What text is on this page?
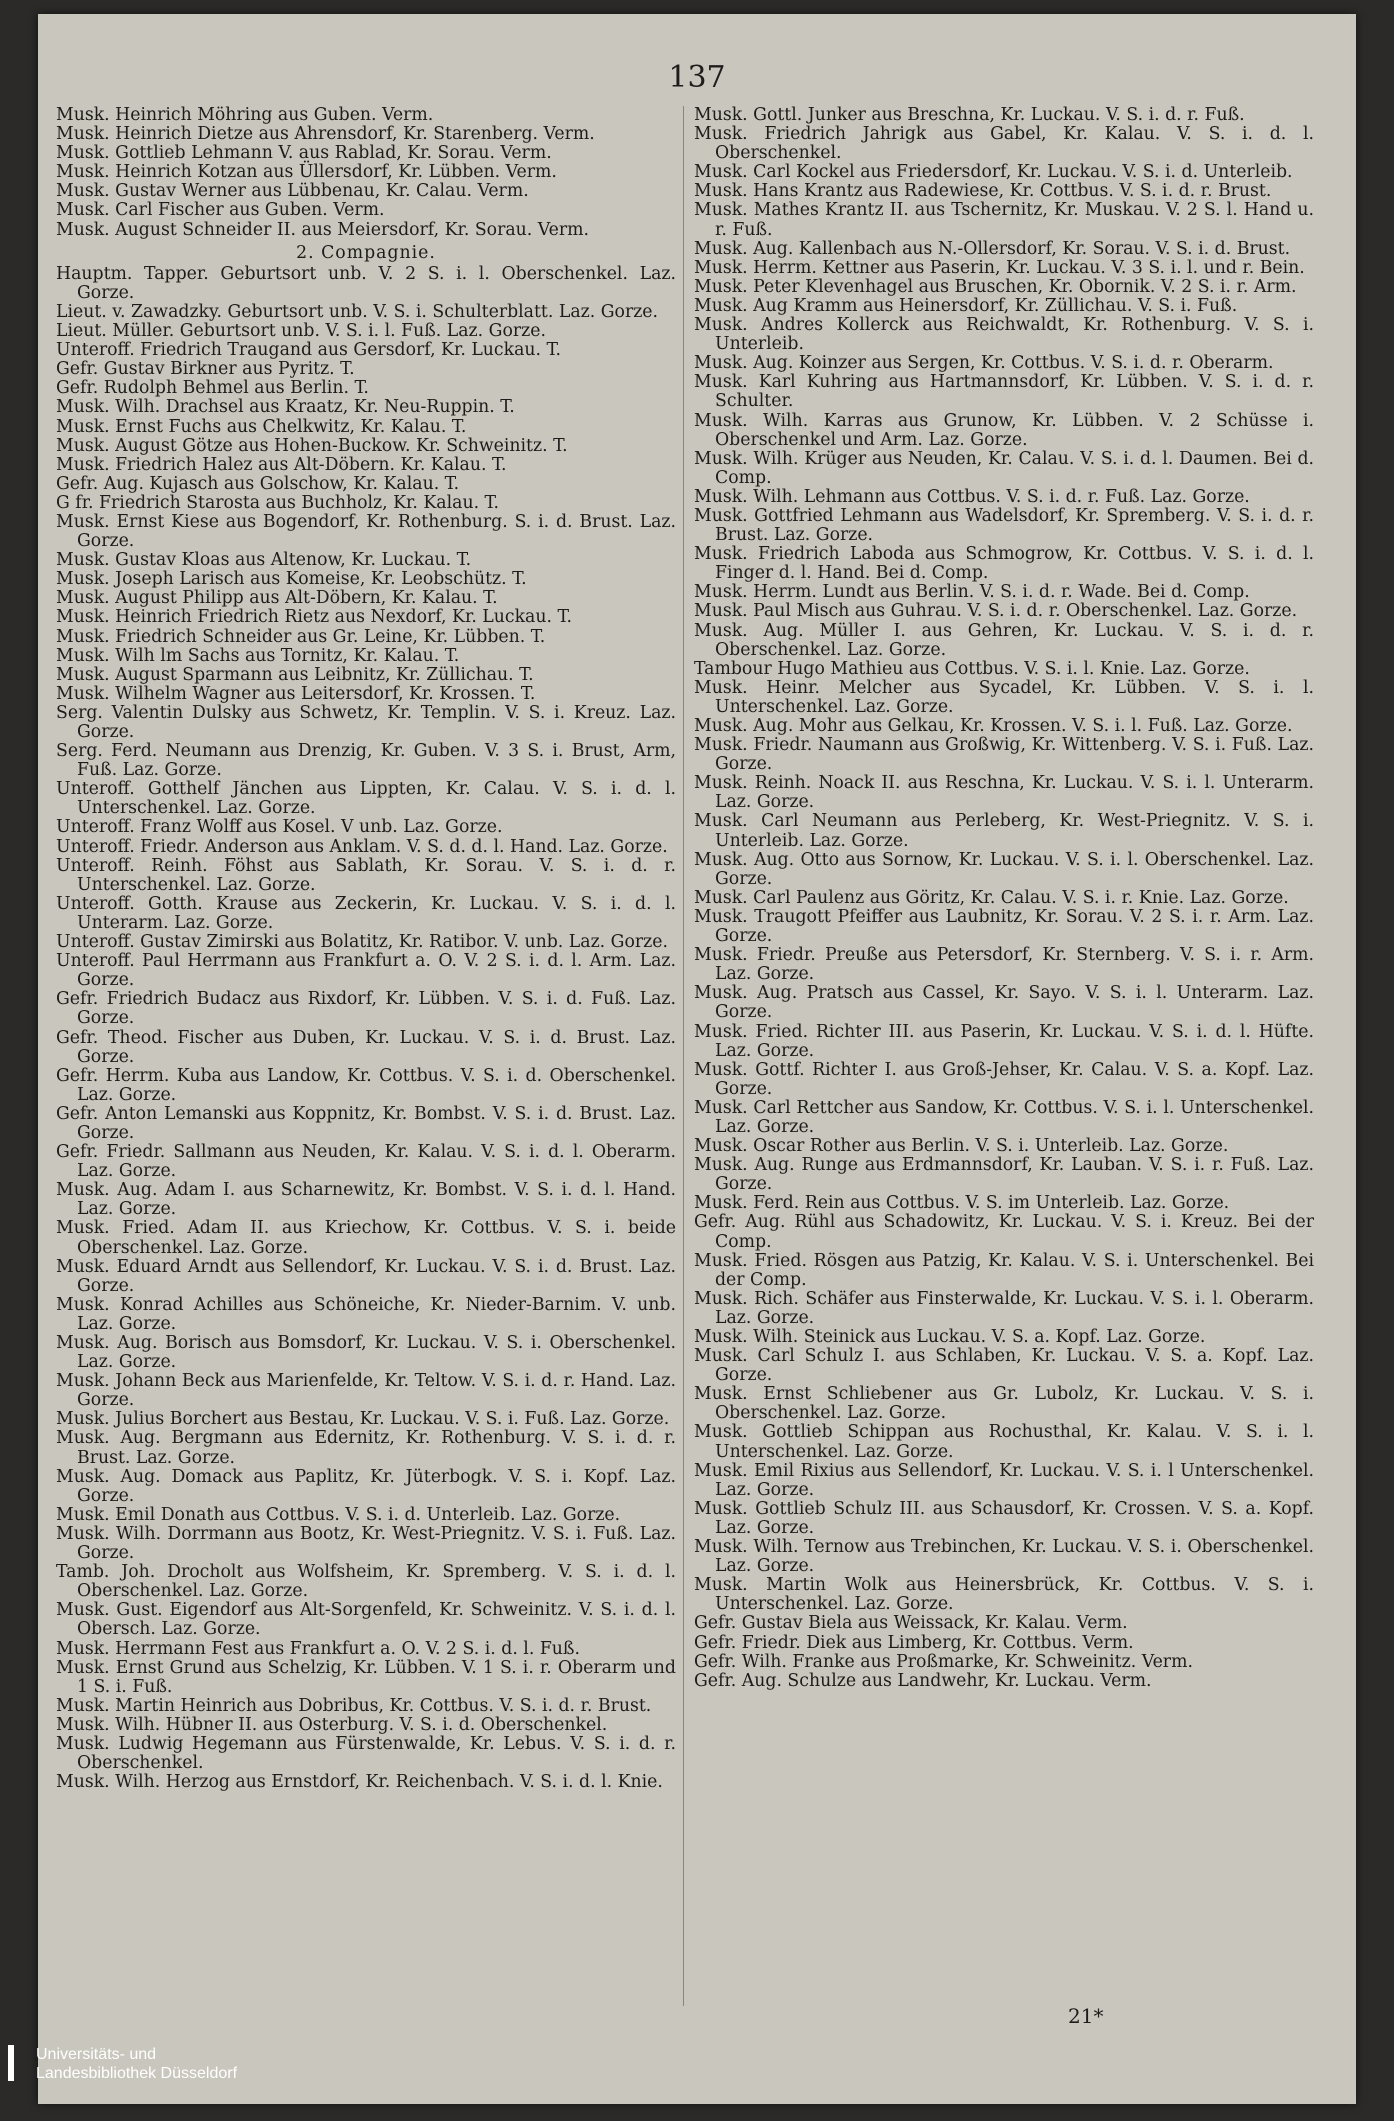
137
Musk. Heinrich Möhring aus Guben. Verm.
Musk. Heinrich Dietze aus Ahrensdorf, Kr. Starenberg. Verm.
Musk. Gottlieb Lehmann V. aus Rablad, Kr. Sorau. Verm.
Musk. Heinrich Kotzan aus Üllersdorf, Kr. Lübben. Verm.
Musk. Gustav Werner aus Lübbenau, Kr. Calau. Verm.
Musk. Carl Fischer aus Guben. Verm.
Musk. August Schneider II. aus Meiersdorf, Kr. Sorau. Verm.
2. Compagnie.
Hauptm. Tapper. Geburtsort unb. V. 2 S. i. l. Oberschenkel. Laz. Gorze.
Lieut. v. Zawadzky. Geburtsort unb. V. S. i. Schulterblatt. Laz. Gorze.
Lieut. Müller. Geburtsort unb. V. S. i. l. Fuß. Laz. Gorze.
Unteroff. Friedrich Traugand aus Gersdorf, Kr. Luckau. T.
Gefr. Gustav Birkner aus Pyritz. T.
Gefr. Rudolph Behmel aus Berlin. T.
Musk. Wilh. Drachsel aus Kraatz, Kr. Neu-Ruppin. T.
Musk. Ernst Fuchs aus Chelkwitz, Kr. Kalau. T.
Musk. August Götze aus Hohen-Buckow. Kr. Schweinitz. T.
Musk. Friedrich Halez aus Alt-Döbern. Kr. Kalau. T.
Gefr. Aug. Kujasch aus Golschow, Kr. Kalau. T.
G fr. Friedrich Starosta aus Buchholz, Kr. Kalau. T.
Musk. Ernst Kiese aus Bogendorf, Kr. Rothenburg. S. i. d. Brust. Laz. Gorze.
Musk. Gustav Kloas aus Altenow, Kr. Luckau. T.
Musk. Joseph Larisch aus Komeise, Kr. Leobschütz. T.
Musk. August Philipp aus Alt-Döbern, Kr. Kalau. T.
Musk. Heinrich Friedrich Rietz aus Nexdorf, Kr. Luckau. T.
Musk. Friedrich Schneider aus Gr. Leine, Kr. Lübben. T.
Musk. Wilh lm Sachs aus Tornitz, Kr. Kalau. T.
Musk. August Sparmann aus Leibnitz, Kr. Züllichau. T.
Musk. Wilhelm Wagner aus Leitersdorf, Kr. Krossen. T.
Serg. Valentin Dulsky aus Schwetz, Kr. Templin. V. S. i. Kreuz. Laz. Gorze.
Serg. Ferd. Neumann aus Drenzig, Kr. Guben. V. 3 S. i. Brust, Arm, Fuß. Laz. Gorze.
Unteroff. Gotthelf Jänchen aus Lippten, Kr. Calau. V. S. i. d. l. Unterschenkel. Laz. Gorze.
Unteroff. Franz Wolff aus Kosel. V unb. Laz. Gorze.
Unteroff. Friedr. Anderson aus Anklam. V. S. d. d. l. Hand. Laz. Gorze.
Unteroff. Reinh. Föhst aus Sablath, Kr. Sorau. V. S. i. d. r. Unterschenkel. Laz. Gorze.
Unteroff. Gotth. Krause aus Zeckerin, Kr. Luckau. V. S. i. d. l. Unterarm. Laz. Gorze.
Unteroff. Gustav Zimirski aus Bolatitz, Kr. Ratibor. V. unb. Laz. Gorze.
Unteroff. Paul Herrmann aus Frankfurt a. O. V. 2 S. i. d. l. Arm. Laz. Gorze.
Gefr. Friedrich Budacz aus Rixdorf, Kr. Lübben. V. S. i. d. Fuß. Laz. Gorze.
Gefr. Theod. Fischer aus Duben, Kr. Luckau. V. S. i. d. Brust. Laz. Gorze.
Gefr. Herrm. Kuba aus Landow, Kr. Cottbus. V. S. i. d. Oberschenkel. Laz. Gorze.
Gefr. Anton Lemanski aus Koppnitz, Kr. Bombst. V. S. i. d. Brust. Laz. Gorze.
Gefr. Friedr. Sallmann aus Neuden, Kr. Kalau. V. S. i. d. l. Oberarm. Laz. Gorze.
Musk. Aug. Adam I. aus Scharnewitz, Kr. Bombst. V. S. i. d. l. Hand. Laz. Gorze.
Musk. Fried. Adam II. aus Kriechow, Kr. Cottbus. V. S. i. beide Oberschenkel. Laz. Gorze.
Musk. Eduard Arndt aus Sellendorf, Kr. Luckau. V. S. i. d. Brust. Laz. Gorze.
Musk. Konrad Achilles aus Schöneiche, Kr. Nieder-Barnim. V. unb. Laz. Gorze.
Musk. Aug. Borisch aus Bomsdorf, Kr. Luckau. V. S. i. Oberschenkel. Laz. Gorze.
Musk. Johann Beck aus Marienfelde, Kr. Teltow. V. S. i. d. r. Hand. Laz. Gorze.
Musk. Julius Borchert aus Bestau, Kr. Luckau. V. S. i. Fuß. Laz. Gorze.
Musk. Aug. Bergmann aus Edernitz, Kr. Rothenburg. V. S. i. d. r. Brust. Laz. Gorze.
Musk. Aug. Domack aus Paplitz, Kr. Jüterbogk. V. S. i. Kopf. Laz. Gorze.
Musk. Emil Donath aus Cottbus. V. S. i. d. Unterleib. Laz. Gorze.
Musk. Wilh. Dorrmann aus Bootz, Kr. West-Priegnitz. V. S. i. Fuß. Laz. Gorze.
Tamb. Joh. Drocholt aus Wolfsheim, Kr. Spremberg. V. S. i. d. l. Oberschenkel. Laz. Gorze.
Musk. Gust. Eigendorf aus Alt-Sorgenfeld, Kr. Schweinitz. V. S. i. d. l. Obersch. Laz. Gorze.
Musk. Herrmann Fest aus Frankfurt a. O. V. 2 S. i. d. l. Fuß.
Musk. Ernst Grund aus Schelzig, Kr. Lübben. V. 1 S. i. r. Oberarm und 1 S. i. Fuß.
Musk. Martin Heinrich aus Dobribus, Kr. Cottbus. V. S. i. d. r. Brust.
Musk. Wilh. Hübner II. aus Osterburg. V. S. i. d. Oberschenkel.
Musk. Ludwig Hegemann aus Fürstenwalde, Kr. Lebus. V. S. i. d. r. Oberschenkel.
Musk. Wilh. Herzog aus Ernstdorf, Kr. Reichenbach. V. S. i. d. l. Knie.
Musk. Gottl. Junker aus Breschna, Kr. Luckau. V. S. i. d. r. Fuß.
Musk. Friedrich Jahrigk aus Gabel, Kr. Kalau. V. S. i. d. l. Oberschenkel.
Musk. Carl Kockel aus Friedersdorf, Kr. Luckau. V. S. i. d. Unterleib.
Musk. Hans Krantz aus Radewiese, Kr. Cottbus. V. S. i. d. r. Brust.
Musk. Mathes Krantz II. aus Tschernitz, Kr. Muskau. V. 2 S. l. Hand u. r. Fuß.
Musk. Aug. Kallenbach aus N.-Ollersdorf, Kr. Sorau. V. S. i. d. Brust.
Musk. Herrm. Kettner aus Paserin, Kr. Luckau. V. 3 S. i. l. und r. Bein.
Musk. Peter Klevenhagel aus Bruschen, Kr. Obornik. V. 2 S. i. r. Arm.
Musk. Aug Kramm aus Heinersdorf, Kr. Züllichau. V. S. i. Fuß.
Musk. Andres Kollerck aus Reichwaldt, Kr. Rothenburg. V. S. i. Unterleib.
Musk. Aug. Koinzer aus Sergen, Kr. Cottbus. V. S. i. d. r. Oberarm.
Musk. Karl Kuhring aus Hartmannsdorf, Kr. Lübben. V. S. i. d. r. Schulter.
Musk. Wilh. Karras aus Grunow, Kr. Lübben. V. 2 Schüsse i. Oberschenkel und Arm. Laz. Gorze.
Musk. Wilh. Krüger aus Neuden, Kr. Calau. V. S. i. d. l. Daumen. Bei d. Comp.
Musk. Wilh. Lehmann aus Cottbus. V. S. i. d. r. Fuß. Laz. Gorze.
Musk. Gottfried Lehmann aus Wadelsdorf, Kr. Spremberg. V. S. i. d. r. Brust. Laz. Gorze.
Musk. Friedrich Laboda aus Schmogrow, Kr. Cottbus. V. S. i. d. l. Finger d. l. Hand. Bei d. Comp.
Musk. Herrm. Lundt aus Berlin. V. S. i. d. r. Wade. Bei d. Comp.
Musk. Paul Misch aus Guhrau. V. S. i. d. r. Oberschenkel. Laz. Gorze.
Musk. Aug. Müller I. aus Gehren, Kr. Luckau. V. S. i. d. r. Oberschenkel. Laz. Gorze.
Tambour Hugo Mathieu aus Cottbus. V. S. i. l. Knie. Laz. Gorze.
Musk. Heinr. Melcher aus Sycadel, Kr. Lübben. V. S. i. l. Unterschenkel. Laz. Gorze.
Musk. Aug. Mohr aus Gelkau, Kr. Krossen. V. S. i. l. Fuß. Laz. Gorze.
Musk. Friedr. Naumann aus Großwig, Kr. Wittenberg. V. S. i. Fuß. Laz. Gorze.
Musk. Reinh. Noack II. aus Reschna, Kr. Luckau. V. S. i. l. Unterarm. Laz. Gorze.
Musk. Carl Neumann aus Perleberg, Kr. West-Priegnitz. V. S. i. Unterleib. Laz. Gorze.
Musk. Aug. Otto aus Sornow, Kr. Luckau. V. S. i. l. Oberschenkel. Laz. Gorze.
Musk. Carl Paulenz aus Göritz, Kr. Calau. V. S. i. r. Knie. Laz. Gorze.
Musk. Traugott Pfeiffer aus Laubnitz, Kr. Sorau. V. 2 S. i. r. Arm. Laz. Gorze.
Musk. Friedr. Preuße aus Petersdorf, Kr. Sternberg. V. S. i. r. Arm. Laz. Gorze.
Musk. Aug. Pratsch aus Cassel, Kr. Sayo. V. S. i. l. Unterarm. Laz. Gorze.
Musk. Fried. Richter III. aus Paserin, Kr. Luckau. V. S. i. d. l. Hüfte. Laz. Gorze.
Musk. Gottf. Richter I. aus Groß-Jehser, Kr. Calau. V. S. a. Kopf. Laz. Gorze.
Musk. Carl Rettcher aus Sandow, Kr. Cottbus. V. S. i. l. Unterschenkel. Laz. Gorze.
Musk. Oscar Rother aus Berlin. V. S. i. Unterleib. Laz. Gorze.
Musk. Aug. Runge aus Erdmannsdorf, Kr. Lauban. V. S. i. r. Fuß. Laz. Gorze.
Musk. Ferd. Rein aus Cottbus. V. S. im Unterleib. Laz. Gorze.
Gefr. Aug. Rühl aus Schadowitz, Kr. Luckau. V. S. i. Kreuz. Bei der Comp.
Musk. Fried. Rösgen aus Patzig, Kr. Kalau. V. S. i. Unterschenkel. Bei der Comp.
Musk. Rich. Schäfer aus Finsterwalde, Kr. Luckau. V. S. i. l. Oberarm. Laz. Gorze.
Musk. Wilh. Steinick aus Luckau. V. S. a. Kopf. Laz. Gorze.
Musk. Carl Schulz I. aus Schlaben, Kr. Luckau. V. S. a. Kopf. Laz. Gorze.
Musk. Ernst Schliebener aus Gr. Lubolz, Kr. Luckau. V. S. i. Oberschenkel. Laz. Gorze.
Musk. Gottlieb Schippan aus Rochusthal, Kr. Kalau. V. S. i. l. Unterschenkel. Laz. Gorze.
Musk. Emil Rixius aus Sellendorf, Kr. Luckau. V. S. i. l Unterschenkel. Laz. Gorze.
Musk. Gottlieb Schulz III. aus Schausdorf, Kr. Crossen. V. S. a. Kopf. Laz. Gorze.
Musk. Wilh. Ternow aus Trebinchen, Kr. Luckau. V. S. i. Oberschenkel. Laz. Gorze.
Musk. Martin Wolk aus Heinersbrück, Kr. Cottbus. V. S. i. Unterschenkel. Laz. Gorze.
Gefr. Gustav Biela aus Weissack, Kr. Kalau. Verm.
Gefr. Friedr. Diek aus Limberg, Kr. Cottbus. Verm.
Gefr. Wilh. Franke aus Proßmarke, Kr. Schweinitz. Verm.
Gefr. Aug. Schulze aus Landwehr, Kr. Luckau. Verm.
21*
Universitäts- und
Landesbibliothek Düsseldorf
